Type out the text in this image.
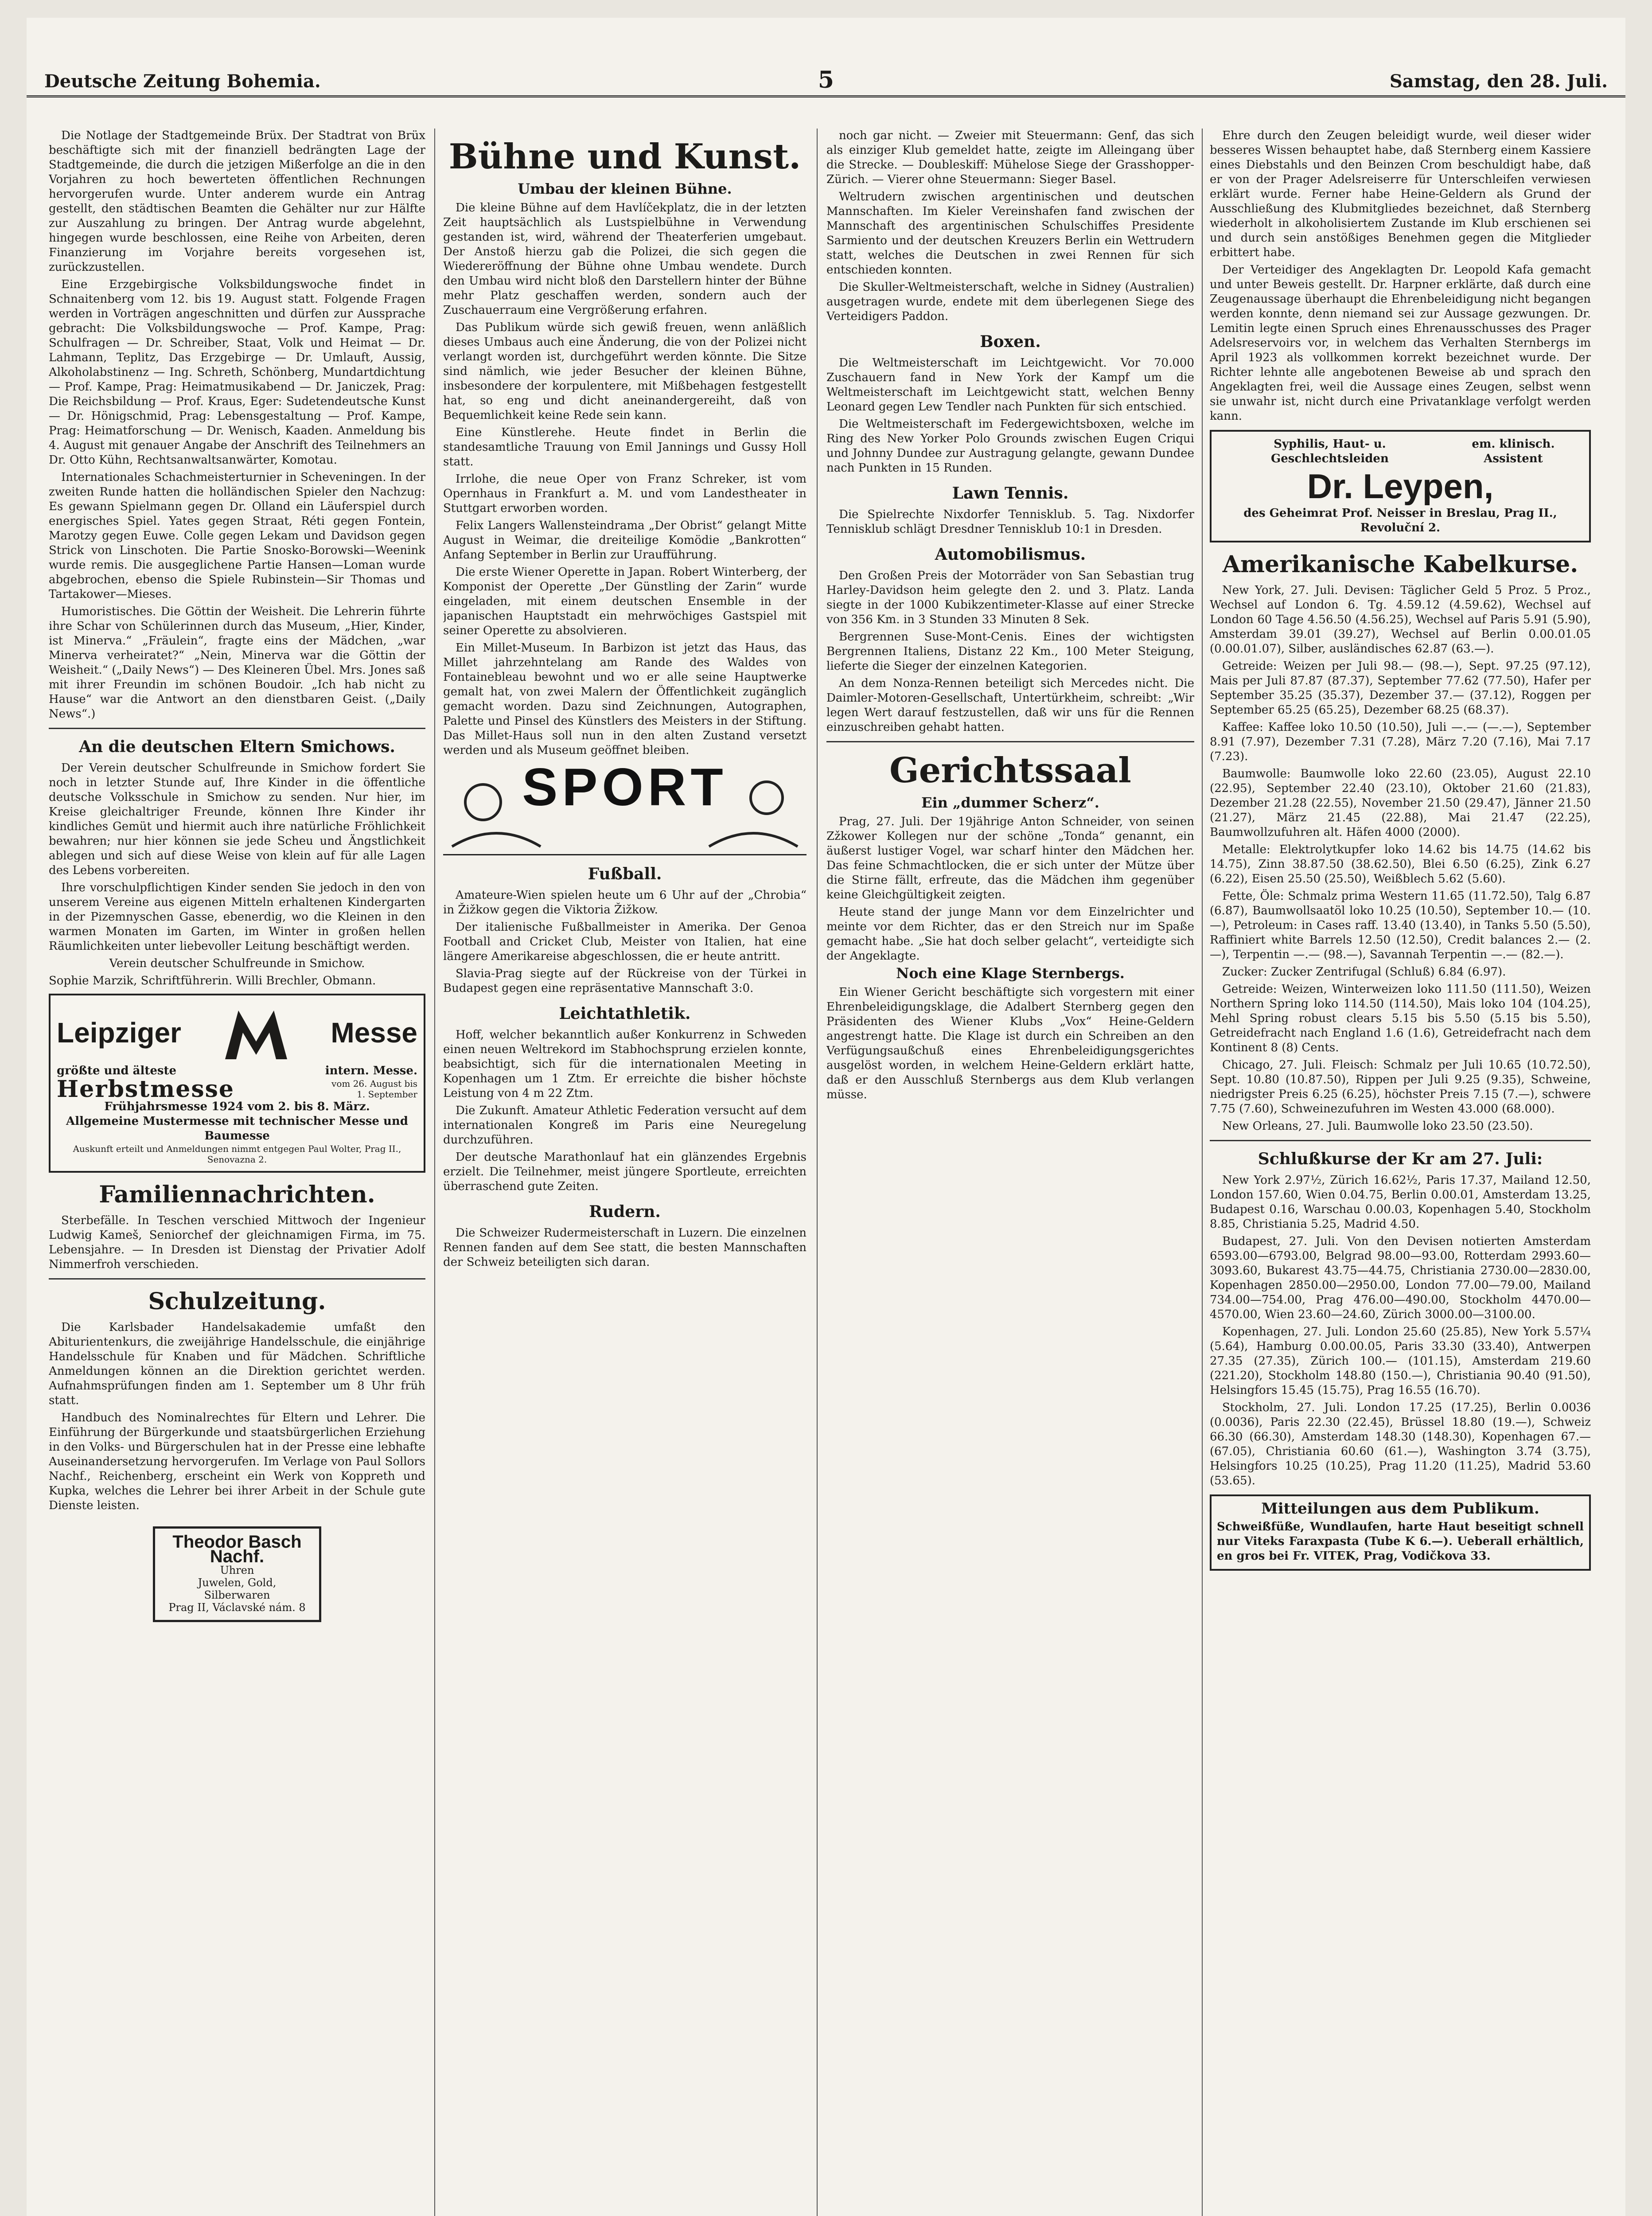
Deutsche Zeitung Bohemia.	5	Samstag, den 28. Juli.

Die Notlage der Stadtgemeinde Brüx. Der Stadtrat von Brüx beschäftigte sich mit der finanziell bedrängten Lage der Stadtgemeinde, die durch die jetzigen Mißerfolge an die in den Vorjahren zu hoch bewerteten öffentlichen Rechnungen hervorgerufen wurde. Unter anderem wurde ein Antrag gestellt, den städtischen Beamten die Gehälter nur zur Hälfte zur Auszahlung zu bringen. Der Antrag wurde abgelehnt, hingegen wurde beschlossen, eine Reihe von Arbeiten, deren Finanzierung im Vorjahre bereits vorgesehen ist, zurückzustellen.

Eine Erzgebirgische Volksbildungswoche findet in Schnaitenberg vom 12. bis 19. August statt. Folgende Fragen werden in Vorträgen angeschnitten und dürfen zur Aussprache gebracht: Die Volksbildungswoche — Prof. Kampe, Prag: Schulfragen — Dr. Schreiber, Staat, Volk und Heimat — Dr. Lahmann, Teplitz, Das Erzgebirge — Dr. Umlauft, Aussig, Alkoholabstinenz — Ing. Schreth, Schönberg, Mundartdichtung — Prof. Kampe, Prag: Heimatmusikabend — Dr. Janiczek, Prag: Die Reichsbildung — Prof. Kraus, Eger: Sudetendeutsche Kunst — Dr. Hönigschmid, Prag: Lebensgestaltung — Prof. Kampe, Prag: Heimatforschung — Dr. Wenisch, Kaaden. Anmeldung bis 4. August mit genauer Angabe der Anschrift des Teilnehmers an Dr. Otto Kühn, Rechtsanwaltsanwärter, Komotau.

Internationales Schachmeisterturnier in Scheveningen. In der zweiten Runde hatten die holländischen Spieler den Nachzug: Es gewann Spielmann gegen Dr. Olland ein Läuferspiel durch energisches Spiel. Yates gegen Straat, Réti gegen Fontein, Marotzy gegen Euwe. Colle gegen Lekam und Davidson gegen Strick von Linschoten. Die Partie Snosko-Borowski—Weenink wurde remis. Die ausgeglichene Partie Hansen—Loman wurde abgebrochen, ebenso die Spiele Rubinstein—Sir Thomas und Tartakower—Mieses.

Humoristisches. Die Göttin der Weisheit. Die Lehrerin führte ihre Schar von Schülerinnen durch das Museum, „Hier, Kinder, ist Minerva.“ „Fräulein“, fragte eins der Mädchen, „war Minerva verheiratet?“ „Nein, Minerva war die Göttin der Weisheit.“ („Daily News“) — Des Kleineren Übel. Mrs. Jones saß mit ihrer Freundin im schönen Boudoir. „Ich hab nicht zu Hause“ war die Antwort an den dienstbaren Geist. („Daily News“.)

An die deutschen Eltern Smichows.

Der Verein deutscher Schulfreunde in Smichow fordert Sie noch in letzter Stunde auf, Ihre Kinder in die öffentliche deutsche Volksschule in Smichow zu senden. Nur hier, im Kreise gleichaltriger Freunde, können Ihre Kinder ihr kindliches Gemüt und hiermit auch ihre natürliche Fröhlichkeit bewahren; nur hier können sie jede Scheu und Ängstlichkeit ablegen und sich auf diese Weise von klein auf für alle Lagen des Lebens vorbereiten.

Ihre vorschulpflichtigen Kinder senden Sie jedoch in den von unserem Vereine aus eigenen Mitteln erhaltenen Kindergarten in der Pizemnyschen Gasse, ebenerdig, wo die Kleinen in den warmen Monaten im Garten, im Winter in großen hellen Räumlichkeiten unter liebevoller Leitung beschäftigt werden.

Verein deutscher Schulfreunde in Smichow.

Sophie Marzik, Schriftführerin. Willi Brechler, Obmann.

Leipziger	Messe
größte und älteste	intern. Messe.
Herbstmesse	vom 26. August bis 1. September
Frühjahrsmesse 1924 vom 2. bis 8. März.
Allgemeine Mustermesse mit technischer Messe und Baumesse
Auskunft erteilt und Anmeldungen nimmt entgegen Paul Wolter, Prag II., Senovazna 2.
Familiennachrichten.

Sterbefälle. In Teschen verschied Mittwoch der Ingenieur Ludwig Kameš, Seniorchef der gleichnamigen Firma, im 75. Lebensjahre. — In Dresden ist Dienstag der Privatier Adolf Nimmerfroh verschieden.

Schulzeitung.

Die Karlsbader Handelsakademie umfaßt den Abiturientenkurs, die zweijährige Handelsschule, die einjährige Handelsschule für Knaben und für Mädchen. Schriftliche Anmeldungen können an die Direktion gerichtet werden. Aufnahmsprüfungen finden am 1. September um 8 Uhr früh statt.

Handbuch des Nominalrechtes für Eltern und Lehrer. Die Einführung der Bürgerkunde und staatsbürgerlichen Erziehung in den Volks- und Bürgerschulen hat in der Presse eine lebhafte Auseinandersetzung hervorgerufen. Im Verlage von Paul Sollors Nachf., Reichenberg, erscheint ein Werk von Koppreth und Kupka, welches die Lehrer bei ihrer Arbeit in der Schule gute Dienste leisten.

Theodor Basch Nachf.
Uhren
Juwelen, Gold,
Silberwaren
Prag II, Václavské nám. 8
Bühne und Kunst.
Umbau der kleinen Bühne.

Die kleine Bühne auf dem Havlíčekplatz, die in der letzten Zeit hauptsächlich als Lustspielbühne in Verwendung gestanden ist, wird, während der Theaterferien umgebaut. Der Anstoß hierzu gab die Polizei, die sich gegen die Wiedereröffnung der Bühne ohne Umbau wendete. Durch den Umbau wird nicht bloß den Darstellern hinter der Bühne mehr Platz geschaffen werden, sondern auch der Zuschauerraum eine Vergrößerung erfahren.

Das Publikum würde sich gewiß freuen, wenn anläßlich dieses Umbaus auch eine Änderung, die von der Polizei nicht verlangt worden ist, durchgeführt werden könnte. Die Sitze sind nämlich, wie jeder Besucher der kleinen Bühne, insbesondere der korpulentere, mit Mißbehagen festgestellt hat, so eng und dicht aneinandergereiht, daß von Bequemlichkeit keine Rede sein kann.

Eine Künstlerehe. Heute findet in Berlin die standesamtliche Trauung von Emil Jannings und Gussy Holl statt.

Irrlohe, die neue Oper von Franz Schreker, ist vom Opernhaus in Frankfurt a. M. und vom Landestheater in Stuttgart erworben worden.

Felix Langers Wallensteindrama „Der Obrist“ gelangt Mitte August in Weimar, die dreiteilige Komödie „Bankrotten“ Anfang September in Berlin zur Uraufführung.

Die erste Wiener Operette in Japan. Robert Winterberg, der Komponist der Operette „Der Günstling der Zarin“ wurde eingeladen, mit einem deutschen Ensemble in der japanischen Hauptstadt ein mehrwöchiges Gastspiel mit seiner Operette zu absolvieren.

Ein Millet-Museum. In Barbizon ist jetzt das Haus, das Millet jahrzehntelang am Rande des Waldes von Fontainebleau bewohnt und wo er alle seine Hauptwerke gemalt hat, von zwei Malern der Öffentlichkeit zugänglich gemacht worden. Dazu sind Zeichnungen, Autographen, Palette und Pinsel des Künstlers des Meisters in der Stiftung. Das Millet-Haus soll nun in den alten Zustand versetzt werden und als Museum geöffnet bleiben.

SPORT
Fußball.

Amateure-Wien spielen heute um 6 Uhr auf der „Chrobia“ in Žižkow gegen die Viktoria Žižkow.

Der italienische Fußballmeister in Amerika. Der Genoa Football and Cricket Club, Meister von Italien, hat eine längere Amerikareise abgeschlossen, die er heute antritt.

Slavia-Prag siegte auf der Rückreise von der Türkei in Budapest gegen eine repräsentative Mannschaft 3:0.

Leichtathletik.

Hoff, welcher bekanntlich außer Konkurrenz in Schweden einen neuen Weltrekord im Stabhochsprung erzielen konnte, beabsichtigt, sich für die internationalen Meeting in Kopenhagen um 1 Ztm. Er erreichte die bisher höchste Leistung von 4 m 22 Ztm.

Die Zukunft. Amateur Athletic Federation versucht auf dem internationalen Kongreß im Paris eine Neuregelung durchzuführen.

Der deutsche Marathonlauf hat ein glänzendes Ergebnis erzielt. Die Teilnehmer, meist jüngere Sportleute, erreichten überraschend gute Zeiten.

Rudern.

Die Schweizer Rudermeisterschaft in Luzern. Die einzelnen Rennen fanden auf dem See statt, die besten Mannschaften der Schweiz beteiligten sich daran.

noch gar nicht. — Zweier mit Steuermann: Genf, das sich als einziger Klub gemeldet hatte, zeigte im Alleingang über die Strecke. — Doubleskiff: Mühelose Siege der Grasshopper-Zürich. — Vierer ohne Steuermann: Sieger Basel.

Weltrudern zwischen argentinischen und deutschen Mannschaften. Im Kieler Vereinshafen fand zwischen der Mannschaft des argentinischen Schulschiffes Presidente Sarmiento und der deutschen Kreuzers Berlin ein Wettrudern statt, welches die Deutschen in zwei Rennen für sich entschieden konnten.

Die Skuller-Weltmeisterschaft, welche in Sidney (Australien) ausgetragen wurde, endete mit dem überlegenen Siege des Verteidigers Paddon.

Boxen.

Die Weltmeisterschaft im Leichtgewicht. Vor 70.000 Zuschauern fand in New York der Kampf um die Weltmeisterschaft im Leichtgewicht statt, welchen Benny Leonard gegen Lew Tendler nach Punkten für sich entschied.

Die Weltmeisterschaft im Federgewichtsboxen, welche im Ring des New Yorker Polo Grounds zwischen Eugen Criqui und Johnny Dundee zur Austragung gelangte, gewann Dundee nach Punkten in 15 Runden.

Lawn Tennis.

Die Spielrechte Nixdorfer Tennisklub. 5. Tag. Nixdorfer Tennisklub schlägt Dresdner Tennisklub 10:1 in Dresden.

Automobilismus.

Den Großen Preis der Motorräder von San Sebastian trug Harley-Davidson heim gelegte den 2. und 3. Platz. Landa siegte in der 1000 Kubikzentimeter-Klasse auf einer Strecke von 356 Km. in 3 Stunden 33 Minuten 8 Sek.

Bergrennen Suse-Mont-Cenis. Eines der wichtigsten Bergrennen Italiens, Distanz 22 Km., 100 Meter Steigung, lieferte die Sieger der einzelnen Kategorien.

An dem Nonza-Rennen beteiligt sich Mercedes nicht. Die Daimler-Motoren-Gesellschaft, Untertürkheim, schreibt: „Wir legen Wert darauf festzustellen, daß wir uns für die Rennen einzuschreiben gehabt hatten.

Gerichtssaal
Ein „dummer Scherz“.

Prag, 27. Juli. Der 19jährige Anton Schneider, von seinen Zžkower Kollegen nur der schöne „Tonda“ genannt, ein äußerst lustiger Vogel, war scharf hinter den Mädchen her. Das feine Schmachtlocken, die er sich unter der Mütze über die Stirne fällt, erfreute, das die Mädchen ihm gegenüber keine Gleichgültigkeit zeigten.

Heute stand der junge Mann vor dem Einzelrichter und meinte vor dem Richter, das er den Streich nur im Spaße gemacht habe. „Sie hat doch selber gelacht“, verteidigte sich der Angeklagte.

Noch eine Klage Sternbergs.

Ein Wiener Gericht beschäftigte sich vorgestern mit einer Ehrenbeleidigungsklage, die Adalbert Sternberg gegen den Präsidenten des Wiener Klubs „Vox“ Heine-Geldern angestrengt hatte. Die Klage ist durch ein Schreiben an den Verfügungsaußchuß eines Ehrenbeleidigungsgerichtes ausgelöst worden, in welchem Heine-Geldern erklärt hatte, daß er den Ausschluß Sternbergs aus dem Klub verlangen müsse.

Ehre durch den Zeugen beleidigt wurde, weil dieser wider besseres Wissen behauptet habe, daß Sternberg einem Kassiere eines Diebstahls und den Beinzen Crom beschuldigt habe, daß er von der Prager Adelsreiserre für Unterschleifen verwiesen erklärt wurde. Ferner habe Heine-Geldern als Grund der Ausschließung des Klubmitgliedes bezeichnet, daß Sternberg wiederholt in alkoholisiertem Zustande im Klub erschienen sei und durch sein anstößiges Benehmen gegen die Mitglieder erbittert habe.

Der Verteidiger des Angeklagten Dr. Leopold Kafa gemacht und unter Beweis gestellt. Dr. Harpner erklärte, daß durch eine Zeugenaussage überhaupt die Ehrenbeleidigung nicht begangen werden konnte, denn niemand sei zur Aussage gezwungen. Dr. Lemitin legte einen Spruch eines Ehrenausschusses des Prager Adelsreservoirs vor, in welchem das Verhalten Sternbergs im April 1923 als vollkommen korrekt bezeichnet wurde. Der Richter lehnte alle angebotenen Beweise ab und sprach den Angeklagten frei, weil die Aussage eines Zeugen, selbst wenn sie unwahr ist, nicht durch eine Privatanklage verfolgt werden kann.

Syphilis, Haut- u. Geschlechtsleiden
em. klinisch. Assistent
Dr. Leypen,
des Geheimrat Prof. Neisser in Breslau, Prag II., Revoluční 2.
Amerikanische Kabelkurse.

New York, 27. Juli. Devisen: Täglicher Geld 5 Proz. 5 Proz., Wechsel auf London 6. Tg. 4.59.12 (4.59.62), Wechsel auf London 60 Tage 4.56.50 (4.56.25), Wechsel auf Paris 5.91 (5.90), Amsterdam 39.01 (39.27), Wechsel auf Berlin 0.00.01.05 (0.00.01.07), Silber, ausländisches 62.87 (63.—).

Getreide: Weizen per Juli 98.— (98.—), Sept. 97.25 (97.12), Mais per Juli 87.87 (87.37), September 77.62 (77.50), Hafer per September 35.25 (35.37), Dezember 37.— (37.12), Roggen per September 65.25 (65.25), Dezember 68.25 (68.37).

Kaffee: Kaffee loko 10.50 (10.50), Juli —.— (—.—), September 8.91 (7.97), Dezember 7.31 (7.28), März 7.20 (7.16), Mai 7.17 (7.23).

Baumwolle: Baumwolle loko 22.60 (23.05), August 22.10 (22.95), September 22.40 (23.10), Oktober 21.60 (21.83), Dezember 21.28 (22.55), November 21.50 (29.47), Jänner 21.50 (21.27), März 21.45 (22.88), Mai 21.47 (22.25), Baumwollzufuhren alt. Häfen 4000 (2000).

Metalle: Elektrolytkupfer loko 14.62 bis 14.75 (14.62 bis 14.75), Zinn 38.87.50 (38.62.50), Blei 6.50 (6.25), Zink 6.27 (6.22), Eisen 25.50 (25.50), Weißblech 5.62 (5.60).

Fette, Öle: Schmalz prima Western 11.65 (11.72.50), Talg 6.87 (6.87), Baumwollsaatöl loko 10.25 (10.50), September 10.— (10.—), Petroleum: in Cases raff. 13.40 (13.40), in Tanks 5.50 (5.50), Raffiniert white Barrels 12.50 (12.50), Credit balances 2.— (2.—), Terpentin —.— (98.—), Savannah Terpentin —.— (82.—).

Zucker: Zucker Zentrifugal (Schluß) 6.84 (6.97).

Getreide: Weizen, Winterweizen loko 111.50 (111.50), Weizen Northern Spring loko 114.50 (114.50), Mais loko 104 (104.25), Mehl Spring robust clears 5.15 bis 5.50 (5.15 bis 5.50), Getreidefracht nach England 1.6 (1.6), Getreidefracht nach dem Kontinent 8 (8) Cents.

Chicago, 27. Juli. Fleisch: Schmalz per Juli 10.65 (10.72.50), Sept. 10.80 (10.87.50), Rippen per Juli 9.25 (9.35), Schweine, niedrigster Preis 6.25 (6.25), höchster Preis 7.15 (7.—), schwere 7.75 (7.60), Schweinezufuhren im Westen 43.000 (68.000).

New Orleans, 27. Juli. Baumwolle loko 23.50 (23.50).

Schlußkurse der Kr am 27. Juli:

New York 2.97½, Zürich 16.62½, Paris 17.37, Mailand 12.50, London 157.60, Wien 0.04.75, Berlin 0.00.01, Amsterdam 13.25, Budapest 0.16, Warschau 0.00.03, Kopenhagen 5.40, Stockholm 8.85, Christiania 5.25, Madrid 4.50.

Budapest, 27. Juli. Von den Devisen notierten Amsterdam 6593.00—6793.00, Belgrad 98.00—93.00, Rotterdam 2993.60—3093.60, Bukarest 43.75—44.75, Christiania 2730.00—2830.00, Kopenhagen 2850.00—2950.00, London 77.00—79.00, Mailand 734.00—754.00, Prag 476.00—490.00, Stockholm 4470.00—4570.00, Wien 23.60—24.60, Zürich 3000.00—3100.00.

Kopenhagen, 27. Juli. London 25.60 (25.85), New York 5.57¼ (5.64), Hamburg 0.00.00.05, Paris 33.30 (33.40), Antwerpen 27.35 (27.35), Zürich 100.— (101.15), Amsterdam 219.60 (221.20), Stockholm 148.80 (150.—), Christiania 90.40 (91.50), Helsingfors 15.45 (15.75), Prag 16.55 (16.70).

Stockholm, 27. Juli. London 17.25 (17.25), Berlin 0.0036 (0.0036), Paris 22.30 (22.45), Brüssel 18.80 (19.—), Schweiz 66.30 (66.30), Amsterdam 148.30 (148.30), Kopenhagen 67.— (67.05), Christiania 60.60 (61.—), Washington 3.74 (3.75), Helsingfors 10.25 (10.25), Prag 11.20 (11.25), Madrid 53.60 (53.65).

Mitteilungen aus dem Publikum.
Schweißfüße, Wundlaufen, harte Haut beseitigt schnell nur Viteks Faraxpasta (Tube K 6.—). Ueberall erhältlich, en gros bei Fr. VITEK, Prag, Vodičkova 33.
